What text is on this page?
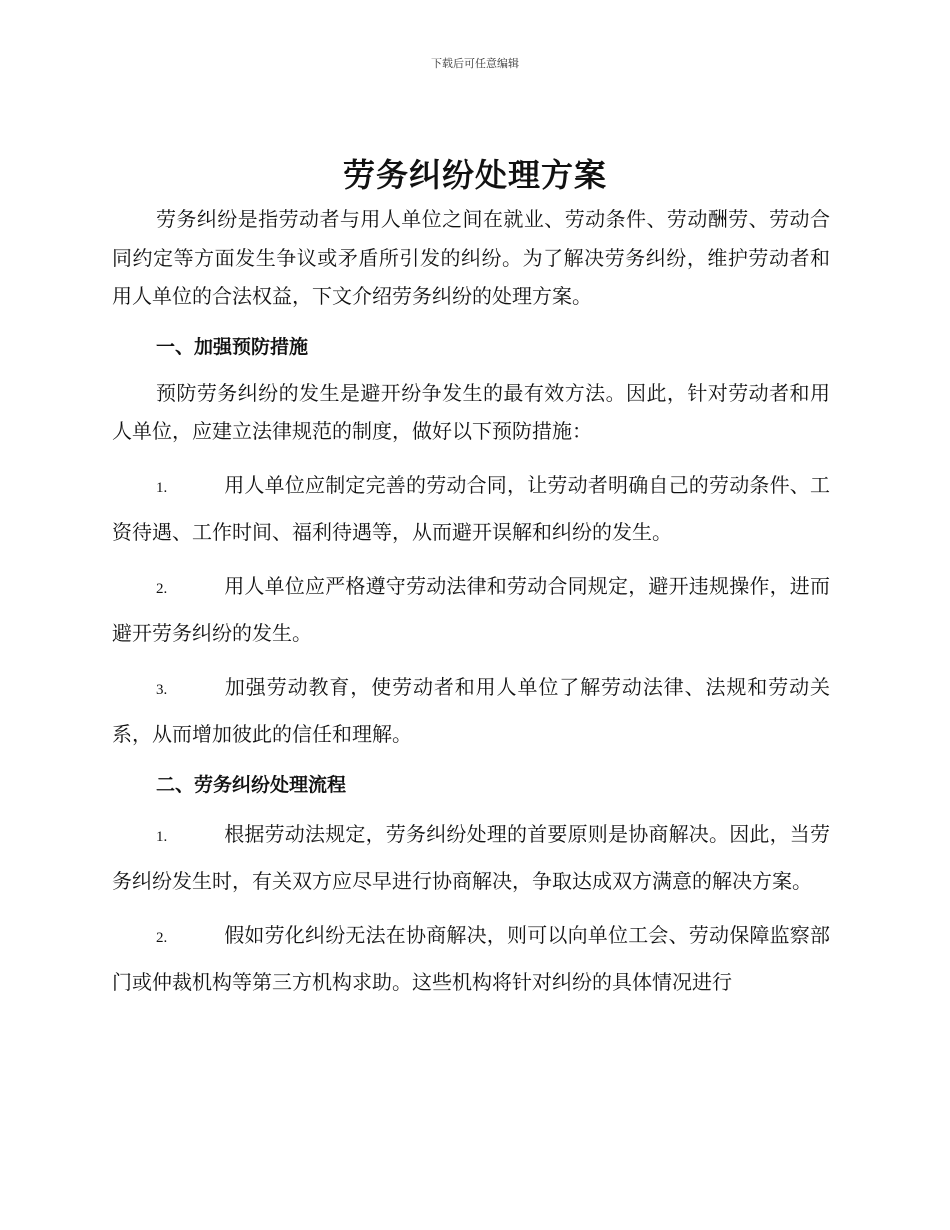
下载后可任意编辑
劳务纠纷处理方案

劳务纠纷是指劳动者与用人单位之间在就业、劳动条件、劳动酬劳、劳动合同约定等方面发生争议或矛盾所引发的纠纷。为了解决劳务纠纷，维护劳动者和用人单位的合法权益，下文介绍劳务纠纷的处理方案。

一、加强预防措施

预防劳务纠纷的发生是避开纷争发生的最有效方法。因此，针对劳动者和用人单位，应建立法律规范的制度，做好以下预防措施：

1.	用人单位应制定完善的劳动合同，让劳动者明确自己的劳动条件、工资待遇、工作时间、福利待遇等，从而避开误解和纠纷的发生。

2.	用人单位应严格遵守劳动法律和劳动合同规定，避开违规操作，进而避开劳务纠纷的发生。

3.	加强劳动教育，使劳动者和用人单位了解劳动法律、法规和劳动关系，从而增加彼此的信任和理解。

二、劳务纠纷处理流程

1.	根据劳动法规定，劳务纠纷处理的首要原则是协商解决。因此，当劳务纠纷发生时，有关双方应尽早进行协商解决，争取达成双方满意的解决方案。

2.	假如劳化纠纷无法在协商解决，则可以向单位工会、劳动保障监察部门或仲裁机构等第三方机构求助。这些机构将针对纠纷的具体情况进行
